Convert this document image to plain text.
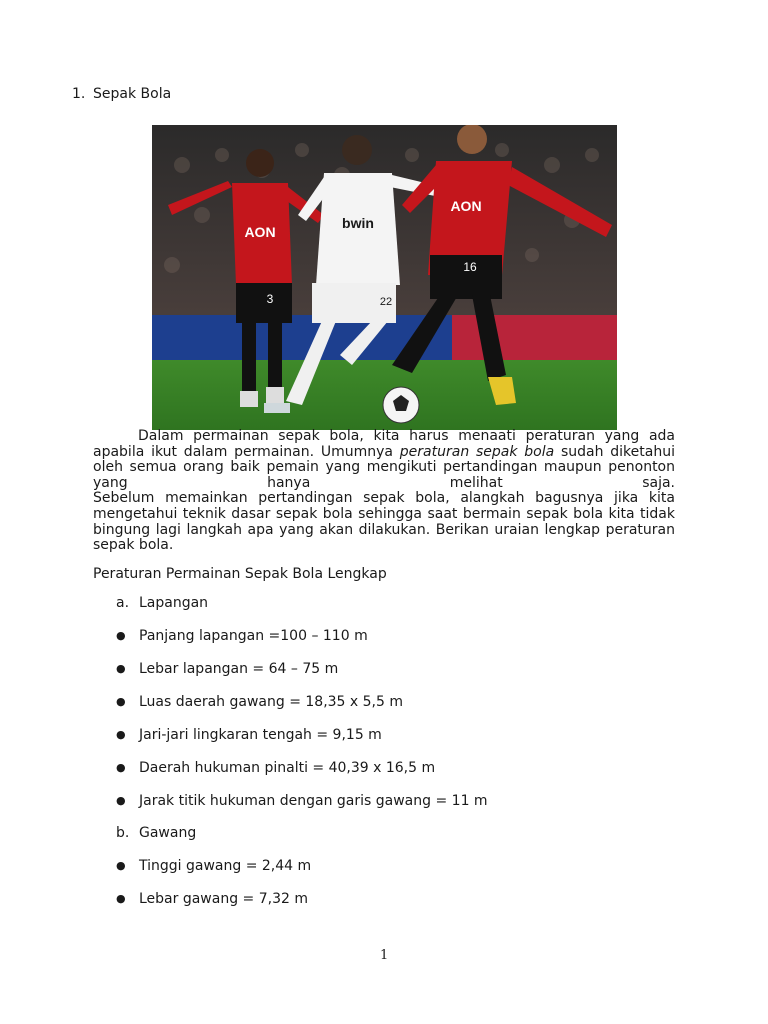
1. Sepak Bola
AON
3
bwin
22
AON
16
Dalam permainan sepak bola, kita harus menaati peraturan yang ada
apabila ikut dalam permainan. Umumnya peraturan sepak bola sudah diketahui
oleh semua orang baik pemain yang mengikuti pertandingan maupun penonton
yang hanya melihat saja.
Sebelum memainkan pertandingan sepak bola, alangkah bagusnya jika kita
mengetahui teknik dasar sepak bola sehingga saat bermain sepak bola kita tidak
bingung lagi langkah apa yang akan dilakukan. Berikan uraian lengkap peraturan
sepak bola.
Peraturan Permainan Sepak Bola Lengkap
a. Lapangan
● Panjang lapangan =100 – 110 m
● Lebar lapangan = 64 – 75 m
● Luas daerah gawang = 18,35 x 5,5 m
● Jari-jari lingkaran tengah = 9,15 m
● Daerah hukuman pinalti = 40,39 x 16,5 m
● Jarak titik hukuman dengan garis gawang = 11 m
b. Gawang
● Tinggi gawang = 2,44 m
● Lebar gawang = 7,32 m
1
